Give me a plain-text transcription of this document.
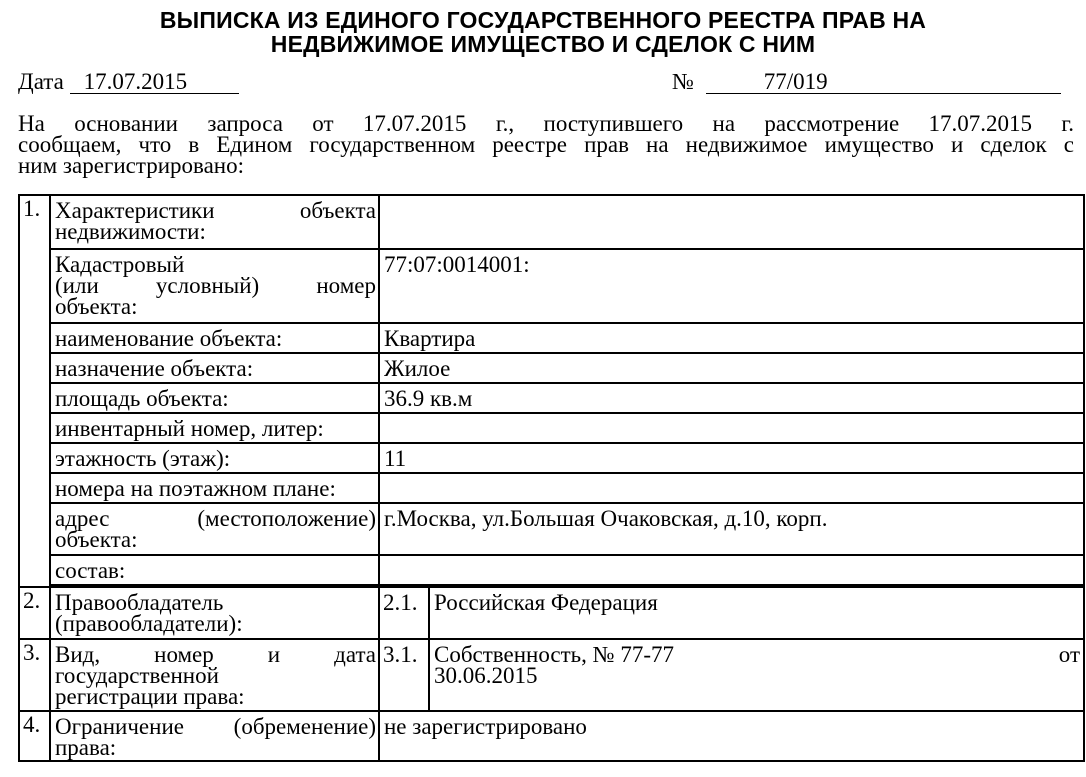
ВЫПИСКА ИЗ ЕДИНОГО ГОСУДАРСТВЕННОГО РЕЕСТРА ПРАВ НА
НЕДВИЖИМОЕ ИМУЩЕСТВО И СДЕЛОК С НИМ
Дата 17.07.2015	№	77/019
На основании запроса от 17.07.2015 г., поступившего на рассмотрение 17.07.2015 г.
сообщаем, что в Едином государственном реестре прав на недвижимое имущество и сделок с
ним зарегистрировано:
1.	Характеристики объекта
недвижимости:		

	Кадастровый
(или условный) номер
объекта:	77:07:0014001:	
	наименование объекта:	Квартира	
	назначение объекта:	Жилое	
	площадь объекта:	36.9 кв.м	
	инвентарный номер, литер:		
	этажность (этаж):	11	
	номера на поэтажном плане:		

	адрес (местоположение)
объекта:	г.Москва, ул.Большая Очаковская, д.10, корп.	
	состав:		

2.	Правообладатель
(правообладатели):	2.1.	Российская Федерация
3.	Вид, номер и дата
государственной
регистрации права:	3.1.	Собственность, № 77-77 от
30.06.2015
4.	Ограничение (обременение)
права:	не зарегистрировано	
